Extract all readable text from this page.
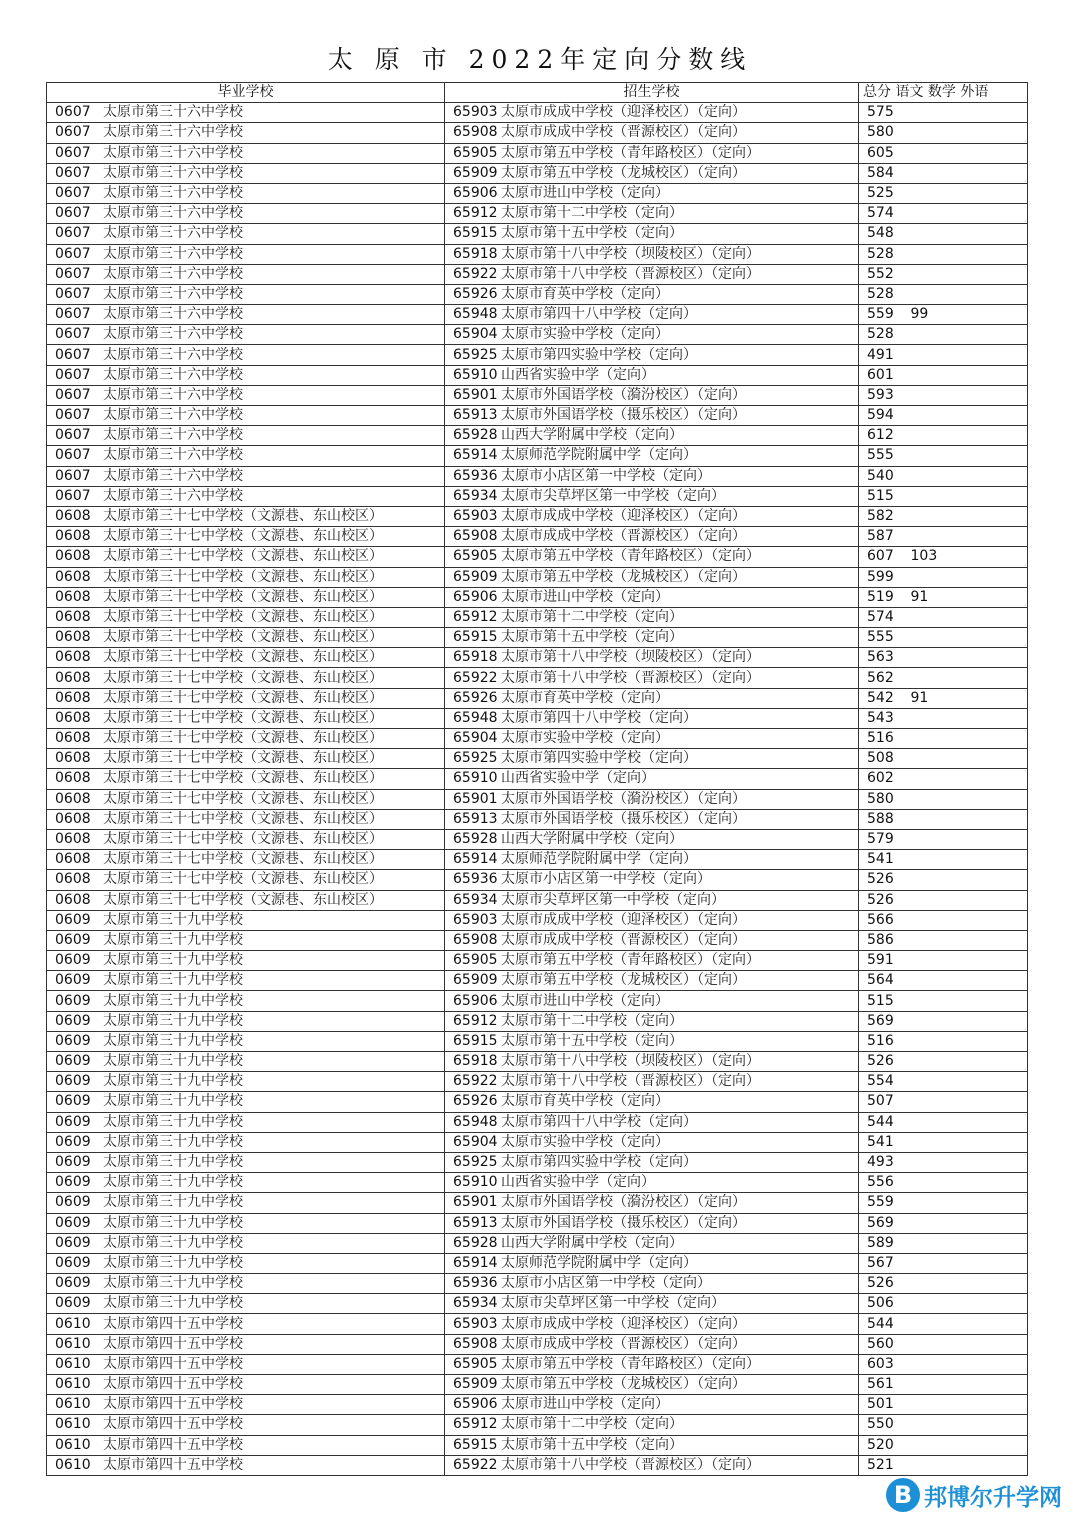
太 原 市 2022年定向分数线
毕业学校	招生学校	总分 语文 数学 外语	
0607 太原市第三十六中学校	65903 太原市成成中学校（迎泽校区）（定向）	575	
0607 太原市第三十六中学校	65908 太原市成成中学校（晋源校区）（定向）	580	
0607 太原市第三十六中学校	65905 太原市第五中学校（青年路校区）（定向）	605	
0607 太原市第三十六中学校	65909 太原市第五中学校（龙城校区）（定向）	584	
0607 太原市第三十六中学校	65906 太原市进山中学校（定向）	525	
0607 太原市第三十六中学校	65912 太原市第十二中学校（定向）	574	
0607 太原市第三十六中学校	65915 太原市第十五中学校（定向）	548	
0607 太原市第三十六中学校	65918 太原市第十八中学校（坝陵校区）（定向）	528	
0607 太原市第三十六中学校	65922 太原市第十八中学校（晋源校区）（定向）	552	
0607 太原市第三十六中学校	65926 太原市育英中学校（定向）	528	
0607 太原市第三十六中学校	65948 太原市第四十八中学校（定向）	559	99
0607 太原市第三十六中学校	65904 太原市实验中学校（定向）	528	
0607 太原市第三十六中学校	65925 太原市第四实验中学校（定向）	491	
0607 太原市第三十六中学校	65910 山西省实验中学（定向）	601	
0607 太原市第三十六中学校	65901 太原市外国语学校（漪汾校区）（定向）	593	
0607 太原市第三十六中学校	65913 太原市外国语学校（摄乐校区）（定向）	594	
0607 太原市第三十六中学校	65928 山西大学附属中学校（定向）	612	
0607 太原市第三十六中学校	65914 太原师范学院附属中学（定向）	555	
0607 太原市第三十六中学校	65936 太原市小店区第一中学校（定向）	540	
0607 太原市第三十六中学校	65934 太原市尖草坪区第一中学校（定向）	515	
0608 太原市第三十七中学校（文源巷、东山校区）	65903 太原市成成中学校（迎泽校区）（定向）	582	
0608 太原市第三十七中学校（文源巷、东山校区）	65908 太原市成成中学校（晋源校区）（定向）	587	
0608 太原市第三十七中学校（文源巷、东山校区）	65905 太原市第五中学校（青年路校区）（定向）	607	103
0608 太原市第三十七中学校（文源巷、东山校区）	65909 太原市第五中学校（龙城校区）（定向）	599	
0608 太原市第三十七中学校（文源巷、东山校区）	65906 太原市进山中学校（定向）	519	91
0608 太原市第三十七中学校（文源巷、东山校区）	65912 太原市第十二中学校（定向）	574	
0608 太原市第三十七中学校（文源巷、东山校区）	65915 太原市第十五中学校（定向）	555	
0608 太原市第三十七中学校（文源巷、东山校区）	65918 太原市第十八中学校（坝陵校区）（定向）	563	
0608 太原市第三十七中学校（文源巷、东山校区）	65922 太原市第十八中学校（晋源校区）（定向）	562	
0608 太原市第三十七中学校（文源巷、东山校区）	65926 太原市育英中学校（定向）	542	91
0608 太原市第三十七中学校（文源巷、东山校区）	65948 太原市第四十八中学校（定向）	543	
0608 太原市第三十七中学校（文源巷、东山校区）	65904 太原市实验中学校（定向）	516	
0608 太原市第三十七中学校（文源巷、东山校区）	65925 太原市第四实验中学校（定向）	508	
0608 太原市第三十七中学校（文源巷、东山校区）	65910 山西省实验中学（定向）	602	
0608 太原市第三十七中学校（文源巷、东山校区）	65901 太原市外国语学校（漪汾校区）（定向）	580	
0608 太原市第三十七中学校（文源巷、东山校区）	65913 太原市外国语学校（摄乐校区）（定向）	588	
0608 太原市第三十七中学校（文源巷、东山校区）	65928 山西大学附属中学校（定向）	579	
0608 太原市第三十七中学校（文源巷、东山校区）	65914 太原师范学院附属中学（定向）	541	
0608 太原市第三十七中学校（文源巷、东山校区）	65936 太原市小店区第一中学校（定向）	526	
0608 太原市第三十七中学校（文源巷、东山校区）	65934 太原市尖草坪区第一中学校（定向）	526	
0609 太原市第三十九中学校	65903 太原市成成中学校（迎泽校区）（定向）	566	
0609 太原市第三十九中学校	65908 太原市成成中学校（晋源校区）（定向）	586	
0609 太原市第三十九中学校	65905 太原市第五中学校（青年路校区）（定向）	591	
0609 太原市第三十九中学校	65909 太原市第五中学校（龙城校区）（定向）	564	
0609 太原市第三十九中学校	65906 太原市进山中学校（定向）	515	
0609 太原市第三十九中学校	65912 太原市第十二中学校（定向）	569	
0609 太原市第三十九中学校	65915 太原市第十五中学校（定向）	516	
0609 太原市第三十九中学校	65918 太原市第十八中学校（坝陵校区）（定向）	526	
0609 太原市第三十九中学校	65922 太原市第十八中学校（晋源校区）（定向）	554	
0609 太原市第三十九中学校	65926 太原市育英中学校（定向）	507	
0609 太原市第三十九中学校	65948 太原市第四十八中学校（定向）	544	
0609 太原市第三十九中学校	65904 太原市实验中学校（定向）	541	
0609 太原市第三十九中学校	65925 太原市第四实验中学校（定向）	493	
0609 太原市第三十九中学校	65910 山西省实验中学（定向）	556	
0609 太原市第三十九中学校	65901 太原市外国语学校（漪汾校区）（定向）	559	
0609 太原市第三十九中学校	65913 太原市外国语学校（摄乐校区）（定向）	569	
0609 太原市第三十九中学校	65928 山西大学附属中学校（定向）	589	
0609 太原市第三十九中学校	65914 太原师范学院附属中学（定向）	567	
0609 太原市第三十九中学校	65936 太原市小店区第一中学校（定向）	526	
0609 太原市第三十九中学校	65934 太原市尖草坪区第一中学校（定向）	506	
0610 太原市第四十五中学校	65903 太原市成成中学校（迎泽校区）（定向）	544	
0610 太原市第四十五中学校	65908 太原市成成中学校（晋源校区）（定向）	560	
0610 太原市第四十五中学校	65905 太原市第五中学校（青年路校区）（定向）	603	
0610 太原市第四十五中学校	65909 太原市第五中学校（龙城校区）（定向）	561	
0610 太原市第四十五中学校	65906 太原市进山中学校（定向）	501	
0610 太原市第四十五中学校	65912 太原市第十二中学校（定向）	550	
0610 太原市第四十五中学校	65915 太原市第十五中学校（定向）	520	
0610 太原市第四十五中学校	65922 太原市第十八中学校（晋源校区）（定向）	521	
B 邦博尔升学网
